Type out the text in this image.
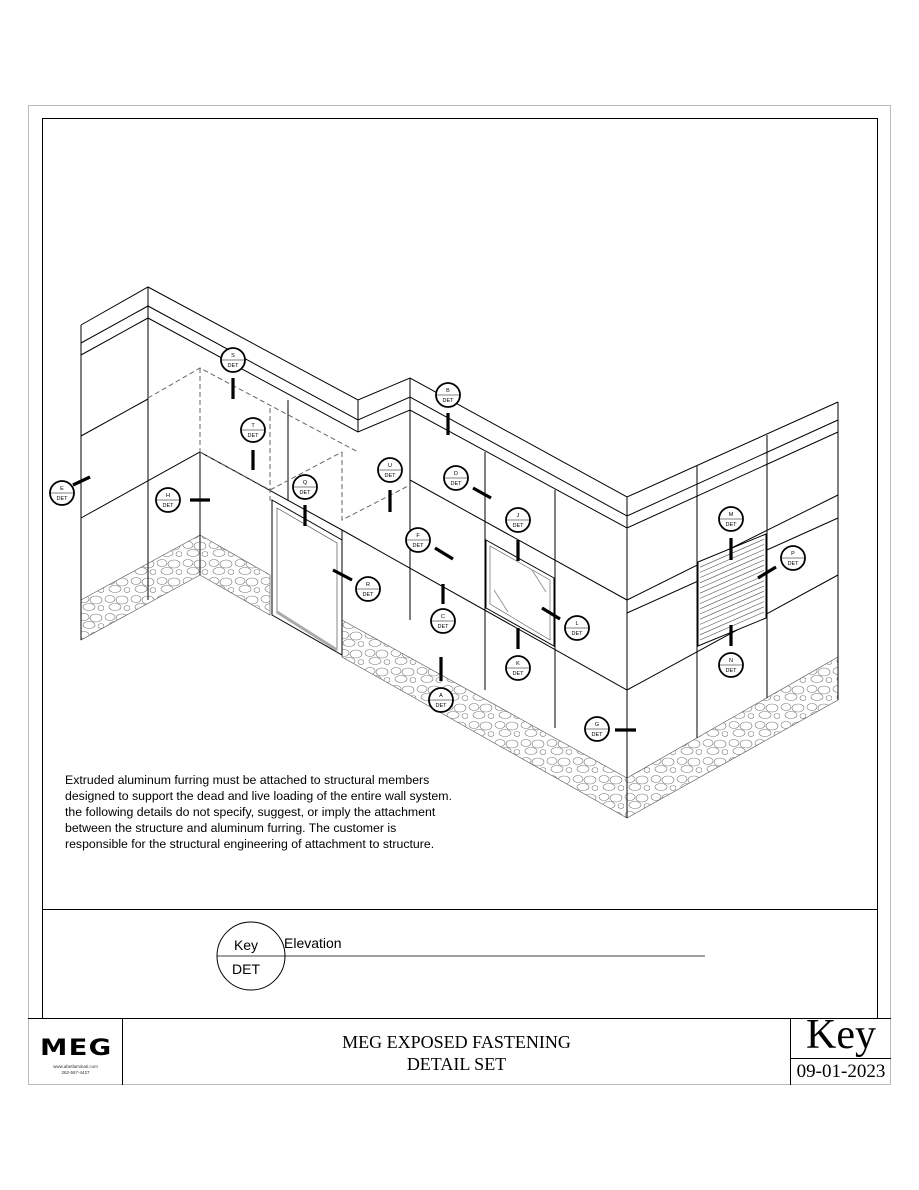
S
DET
B
DET
T
DET
E
DET	H
DET
Q
DET
U
DET	D
DET
J
DET
F
DET
R
DET
C
DET
K
DET
L
DET
A
DET
G
DET
M
DET
P
DET
N
DET
Key
DET
Extruded aluminum furring must be attached to structural members
designed to support the dead and live loading of the entire wall system.
the following details do not specify, suggest, or imply the attachment
between the structure and aluminum furring. The customer is
responsible for the structural engineering of attachment to structure.
Elevation
MEG
www.abetlaminati.com
262-567-4427
MEG EXPOSED FASTENING
DETAIL SET
Key
09-01-2023
